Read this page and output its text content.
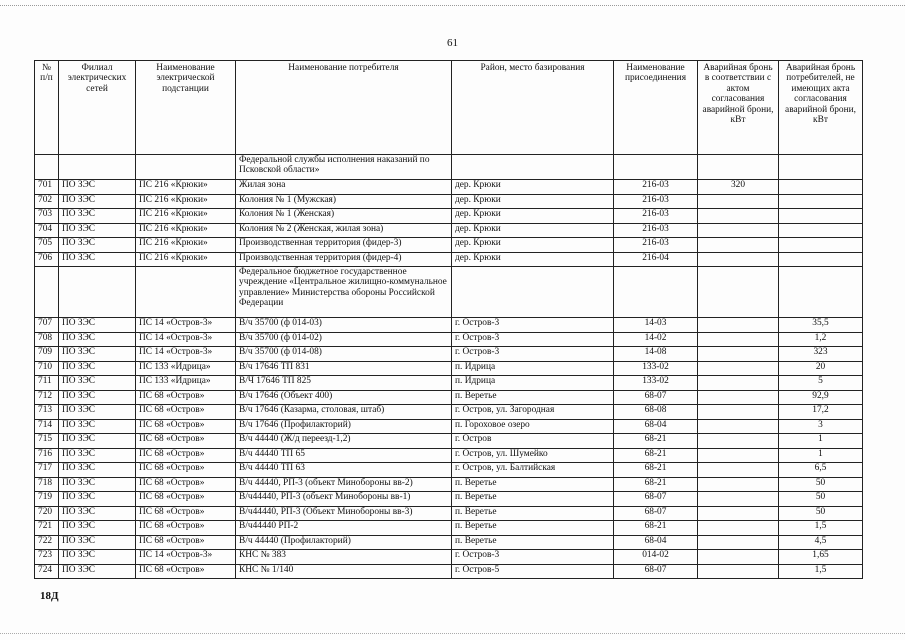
61
№ п/п	Филиал электрических сетей	Наименование электрической подстанции	Наименование потребителя	Район, место базирования	Наименование присоединения	Аварийная бронь в соответствии с актом согласования аварийной брони, кВт	Аварийная бронь потребителей, не имеющих акта согласования аварийной брони, кВт
			Федеральной службы исполнения наказаний по Псковской области»				
701	ПО ЗЭС	ПС 216 «Крюки»	Жилая зона	дер. Крюки	216-03	320	
702	ПО ЗЭС	ПС 216 «Крюки»	Колония № 1 (Мужская)	дер. Крюки	216-03		
703	ПО ЗЭС	ПС 216 «Крюки»	Колония № 1 (Женская)	дер. Крюки	216-03		
704	ПО ЗЭС	ПС 216 «Крюки»	Колония № 2 (Женская, жилая зона)	дер. Крюки	216-03		
705	ПО ЗЭС	ПС 216 «Крюки»	Производственная территория (фидер-3)	дер. Крюки	216-03		
706	ПО ЗЭС	ПС 216 «Крюки»	Производственная территория (фидер-4)	дер. Крюки	216-04		
			Федеральное бюджетное государственное учреждение «Центральное жилищно-коммунальное управление» Министерства обороны Российской Федерации				
707	ПО ЗЭС	ПС 14 «Остров-3»	В/ч 35700 (ф 014-03)	г. Остров-3	14-03		35,5
708	ПО ЗЭС	ПС 14 «Остров-3»	В/ч 35700 (ф 014-02)	г. Остров-3	14-02		1,2
709	ПО ЗЭС	ПС 14 «Остров-3»	В/ч 35700 (ф 014-08)	г. Остров-3	14-08		323
710	ПО ЗЭС	ПС 133 «Идрица»	В/ч 17646 ТП 831	п. Идрица	133-02		20
711	ПО ЗЭС	ПС 133 «Идрица»	В/Ч 17646 ТП 825	п. Идрица	133-02		5
712	ПО ЗЭС	ПС 68 «Остров»	В/ч 17646 (Объект 400)	п. Веретье	68-07		92,9
713	ПО ЗЭС	ПС 68 «Остров»	В/ч 17646 (Казарма, столовая, штаб)	г. Остров, ул. Загородная	68-08		17,2
714	ПО ЗЭС	ПС 68 «Остров»	В/ч 17646 (Профилакторий)	п. Гороховое озеро	68-04		3
715	ПО ЗЭС	ПС 68 «Остров»	В/ч 44440 (Ж/д переезд-1,2)	г. Остров	68-21		1
716	ПО ЗЭС	ПС 68 «Остров»	В/ч 44440 ТП 65	г. Остров, ул. Шумейко	68-21		1
717	ПО ЗЭС	ПС 68 «Остров»	В/ч 44440 ТП 63	г. Остров, ул. Балтийская	68-21		6,5
718	ПО ЗЭС	ПС 68 «Остров»	В/ч 44440, РП-3 (объект Минобороны вв-2)	п. Веретье	68-21		50
719	ПО ЗЭС	ПС 68 «Остров»	В/ч44440, РП-3 (объект Минобороны вв-1)	п. Веретье	68-07		50
720	ПО ЗЭС	ПС 68 «Остров»	В/ч44440, РП-3 (Объект Минобороны вв-3)	п. Веретье	68-07		50
721	ПО ЗЭС	ПС 68 «Остров»	В/ч44440 РП-2	п. Веретье	68-21		1,5
722	ПО ЗЭС	ПС 68 «Остров»	В/ч 44440 (Профилакторий)	п. Веретье	68-04		4,5
723	ПО ЗЭС	ПС 14 «Остров-3»	КНС № 383	г. Остров-3	014-02		1,65
724	ПО ЗЭС	ПС 68 «Остров»	КНС № 1/140	г. Остров-5	68-07		1,5
18Д
